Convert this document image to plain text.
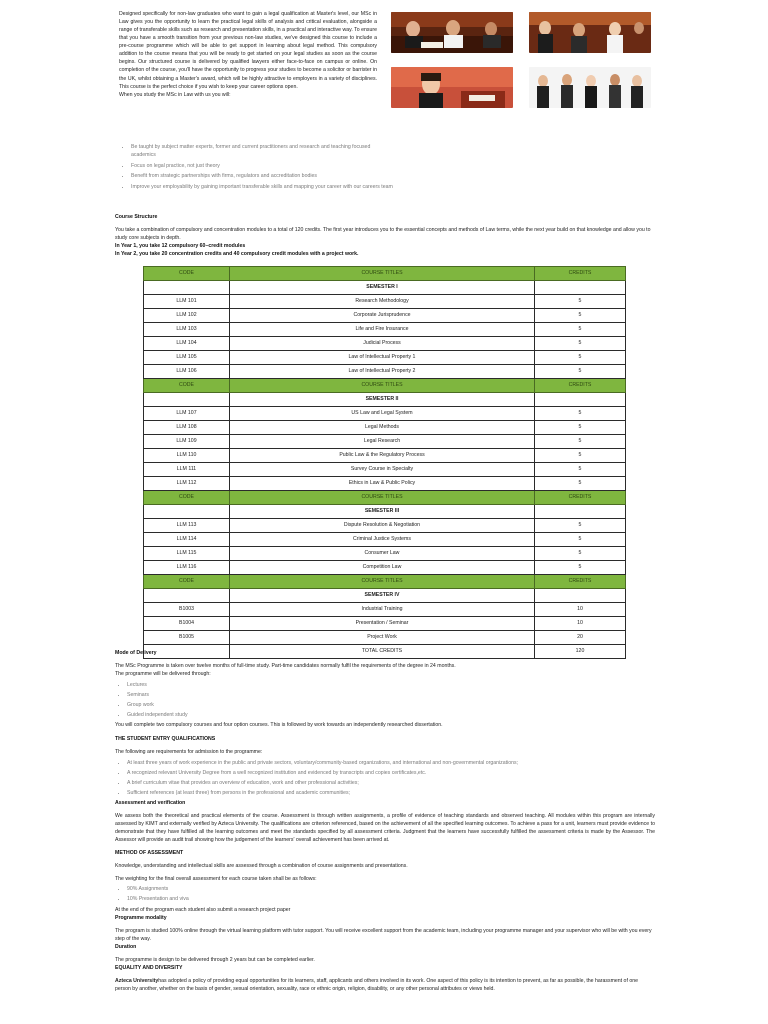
Designed specifically for non-law graduates who want to gain a legal qualification at Master's level, our MSc in Law gives you the opportunity to learn the practical legal skills of analysis and critical evaluation, alongside a range of transferable skills such as research and presentation skills, in a practical and interactive way. To ensure that you have a smooth transition from your previous non-law studies, we've designed this course to include a pre-course programme which will be able to get support in learning about legal method. This compulsory addition to the course means that you will be ready to get started on your legal studies as soon as the course begins. Our structured course is delivered by qualified lawyers either face-to-face on campus or online. On completion of the course, you'll have the opportunity to progress your studies to become a solicitor or barrister in the UK, whilst obtaining a Master's award, which will be highly attractive to employers in a variety of disciplines. This course is the perfect choice if you wish to keep your career options open.

When you study the MSc in Law with us you will:

• Be taught by subject matter experts, former and current practitioners and research and teaching focused academics
• Focus on legal practice, not just theory
• Benefit from strategic partnerships with firms, regulators and accreditation bodies
• Improve your employability by gaining important transferable skills and mapping your career with our careers team

Course Structure

You take a combination of compulsory and concentration modules to a total of 120 credits. The first year introduces you to the essential concepts and methods of Law terms, while the next year build on that knowledge and allow you to study core subjects in depth.

In Year 1, you take 12 compulsory 60–credit modules

In Year 2, you take 20 concentration credits and 40 compulsory credit modules with a project work.

CODE	COURSE TITLES	CREDITS
	SEMESTER I	
LLM 101	Research Methodology	5
LLM 102	Corporate Jurisprudence	5
LLM 103	Life and Fire Insurance	5
LLM 104	Judicial Process	5
LLM 105	Law of Intellectual Property 1	5
LLM 106	Law of Intellectual Property 2	5
CODE	COURSE TITLES	CREDITS
	SEMESTER II	
LLM 107	US Law and Legal System	5
LLM 108	Legal Methods	5
LLM 109	Legal Research	5
LLM 110	Public Law & the Regulatory Process	5
LLM 111	Survey Course in Specialty	5
LLM 112	Ethics in Law & Public Policy	5
CODE	COURSE TITLES	CREDITS
	SEMESTER III	
LLM 113	Dispute Resolution & Negotiation	5
LLM 114	Criminal Justice Systems	5
LLM 115	Consumer Law	5
LLM 116	Competition Law	5
CODE	COURSE TITLES	CREDITS
	SEMESTER IV	
B1003	Industrial Training	10
B1004	Presentation / Seminar	10
B1005	Project Work	20
	TOTAL CREDITS	120

Mode of Delivery

The MSc Programme is taken over twelve months of full-time study. Part-time candidates normally fulfil the requirements of the degree in 24 months.

The programme will be delivered through:

• Lectures
• Seminars
• Group work
• Guided independent study

You will complete two compulsory courses and four option courses. This is followed by work towards an independently researched dissertation.

THE STUDENT ENTRY QUALIFICATIONS

The following are requirements for admission to the programme:

• At least three years of work experience in the public and private sectors, voluntary/community-based organizations, and international and non-governmental organizations;
• A recognized relevant University Degree from a well recognized institution and evidenced by transcripts and copies certificates,etc.
• A brief curriculum vitae that provides an overview of education, work and other professional activities;
• Sufficient references (at least three) from persons in the professional and academic communities;

Assessment and verification

We assess both the theoretical and practical elements of the course. Assessment is through written assignments, a profile of evidence of teaching standards and observed teaching. All modules within this program are internally assessed by KIMT and externally verified by Azteca University. The qualifications are criterion referenced, based on the achievement of all the specified learning outcomes. To achieve a pass for a unit, learners must provide evidence to demonstrate that they have fulfilled all the learning outcomes and meet the standards specified by all assessment criteria. Judgment that the learners have successfully fulfilled the assessment criteria is made by the Assessor. The Assessor will provide an audit trail showing how the judgement of the learners' overall achievement has been arrived at.

METHOD OF ASSESSMENT

Knowledge, understanding and intellectual skills are assessed through a combination of course assignments and presentations.

The weighting for the final overall assessment for each course taken shall be as follows:

• 90% Assignments
• 10% Presentation and viva

At the end of the program each student also submit a research project paper

Programme modality

The program is studied 100% online through the virtual learning platform with tutor support. You will receive excellent support from the academic team, including your programme manager and your supervisor who will be with you every step of the way.

Duration

The programme is design to be delivered through 2 years but can be completed earlier.

EQUALITY AND DIVERSITY

Azteca Universityhas adopted a policy of providing equal opportunities for its learners, staff, applicants and others involved in its work. One aspect of this policy is its intention to prevent, as far as possible, the harassment of one person by another, whether on the basis of gender, sexual orientation, sexuality, race or ethnic origin, religion, disability, or any other personal attributes or views held.
